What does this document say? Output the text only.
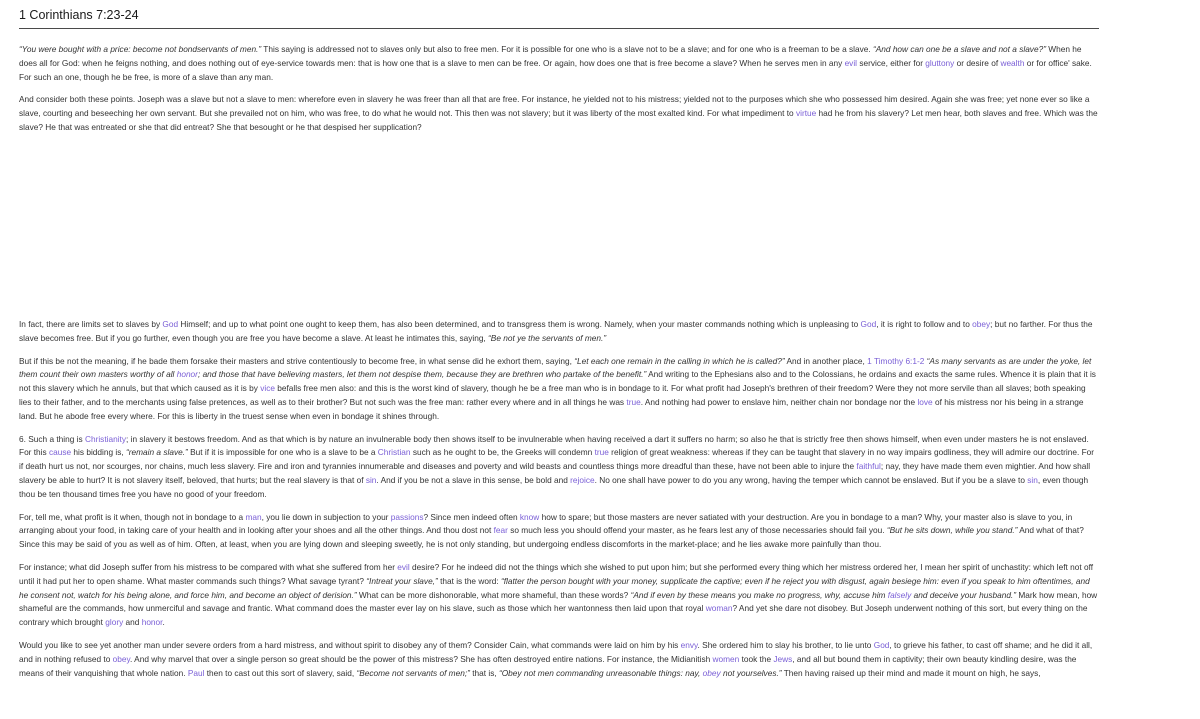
1 Corinthians 7:23-24

“You were bought with a price: become not bondservants of men.” This saying is addressed not to slaves only but also to free men. For it is possible for one who is a slave not to be a slave; and for one who is a freeman to be a slave. “And how can one be a slave and not a slave?” When he does all for God: when he feigns nothing, and does nothing out of eye-service towards men: that is how one that is a slave to men can be free. Or again, how does one that is free become a slave? When he serves men in any evil service, either for gluttony or desire of wealth or for office' sake. For such an one, though he be free, is more of a slave than any man.

And consider both these points. Joseph was a slave but not a slave to men: wherefore even in slavery he was freer than all that are free. For instance, he yielded not to his mistress; yielded not to the purposes which she who possessed him desired. Again she was free; yet none ever so like a slave, courting and beseeching her own servant. But she prevailed not on him, who was free, to do what he would not. This then was not slavery; but it was liberty of the most exalted kind. For what impediment to virtue had he from his slavery? Let men hear, both slaves and free. Which was the slave? He that was entreated or she that did entreat? She that besought or he that despised her supplication?

In fact, there are limits set to slaves by God Himself; and up to what point one ought to keep them, has also been determined, and to transgress them is wrong. Namely, when your master commands nothing which is unpleasing to God, it is right to follow and to obey; but no farther. For thus the slave becomes free. But if you go further, even though you are free you have become a slave. At least he intimates this, saying, “Be not ye the servants of men.”

But if this be not the meaning, if he bade them forsake their masters and strive contentiously to become free, in what sense did he exhort them, saying, “Let each one remain in the calling in which he is called?” And in another place, 1 Timothy 6:1-2 “As many servants as are under the yoke, let them count their own masters worthy of all honor; and those that have believing masters, let them not despise them, because they are brethren who partake of the benefit.” And writing to the Ephesians also and to the Colossians, he ordains and exacts the same rules. Whence it is plain that it is not this slavery which he annuls, but that which caused as it is by vice befalls free men also: and this is the worst kind of slavery, though he be a free man who is in bondage to it. For what profit had Joseph's brethren of their freedom? Were they not more servile than all slaves; both speaking lies to their father, and to the merchants using false pretences, as well as to their brother? But not such was the free man: rather every where and in all things he was true. And nothing had power to enslave him, neither chain nor bondage nor the love of his mistress nor his being in a strange land. But he abode free every where. For this is liberty in the truest sense when even in bondage it shines through.

6. Such a thing is Christianity; in slavery it bestows freedom. And as that which is by nature an invulnerable body then shows itself to be invulnerable when having received a dart it suffers no harm; so also he that is strictly free then shows himself, when even under masters he is not enslaved. For this cause his bidding is, “remain a slave.” But if it is impossible for one who is a slave to be a Christian such as he ought to be, the Greeks will condemn true religion of great weakness: whereas if they can be taught that slavery in no way impairs godliness, they will admire our doctrine. For if death hurt us not, nor scourges, nor chains, much less slavery. Fire and iron and tyrannies innumerable and diseases and poverty and wild beasts and countless things more dreadful than these, have not been able to injure the faithful; nay, they have made them even mightier. And how shall slavery be able to hurt? It is not slavery itself, beloved, that hurts; but the real slavery is that of sin. And if you be not a slave in this sense, be bold and rejoice. No one shall have power to do you any wrong, having the temper which cannot be enslaved. But if you be a slave to sin, even though thou be ten thousand times free you have no good of your freedom.

For, tell me, what profit is it when, though not in bondage to a man, you lie down in subjection to your passions? Since men indeed often know how to spare; but those masters are never satiated with your destruction. Are you in bondage to a man? Why, your master also is slave to you, in arranging about your food, in taking care of your health and in looking after your shoes and all the other things. And thou dost not fear so much less you should offend your master, as he fears lest any of those necessaries should fail you. “But he sits down, while you stand.” And what of that? Since this may be said of you as well as of him. Often, at least, when you are lying down and sleeping sweetly, he is not only standing, but undergoing endless discomforts in the market-place; and he lies awake more painfully than thou.

For instance; what did Joseph suffer from his mistress to be compared with what she suffered from her evil desire? For he indeed did not the things which she wished to put upon him; but she performed every thing which her mistress ordered her, I mean her spirit of unchastity: which left not off until it had put her to open shame. What master commands such things? What savage tyrant? “Intreat your slave,” that is the word: “flatter the person bought with your money, supplicate the captive; even if he reject you with disgust, again besiege him: even if you speak to him oftentimes, and he consent not, watch for his being alone, and force him, and become an object of derision.” What can be more dishonorable, what more shameful, than these words? “And if even by these means you make no progress, why, accuse him falsely and deceive your husband.” Mark how mean, how shameful are the commands, how unmerciful and savage and frantic. What command does the master ever lay on his slave, such as those which her wantonness then laid upon that royal woman? And yet she dare not disobey. But Joseph underwent nothing of this sort, but every thing on the contrary which brought glory and honor.

Would you like to see yet another man under severe orders from a hard mistress, and without spirit to disobey any of them? Consider Cain, what commands were laid on him by his envy. She ordered him to slay his brother, to lie unto God, to grieve his father, to cast off shame; and he did it all, and in nothing refused to obey. And why marvel that over a single person so great should be the power of this mistress? She has often destroyed entire nations. For instance, the Midianitish women took the Jews, and all but bound them in captivity; their own beauty kindling desire, was the means of their vanquishing that whole nation. Paul then to cast out this sort of slavery, said, “Become not servants of men;” that is, “Obey not men commanding unreasonable things: nay, obey not yourselves.” Then having raised up their mind and made it mount on high, he says,
